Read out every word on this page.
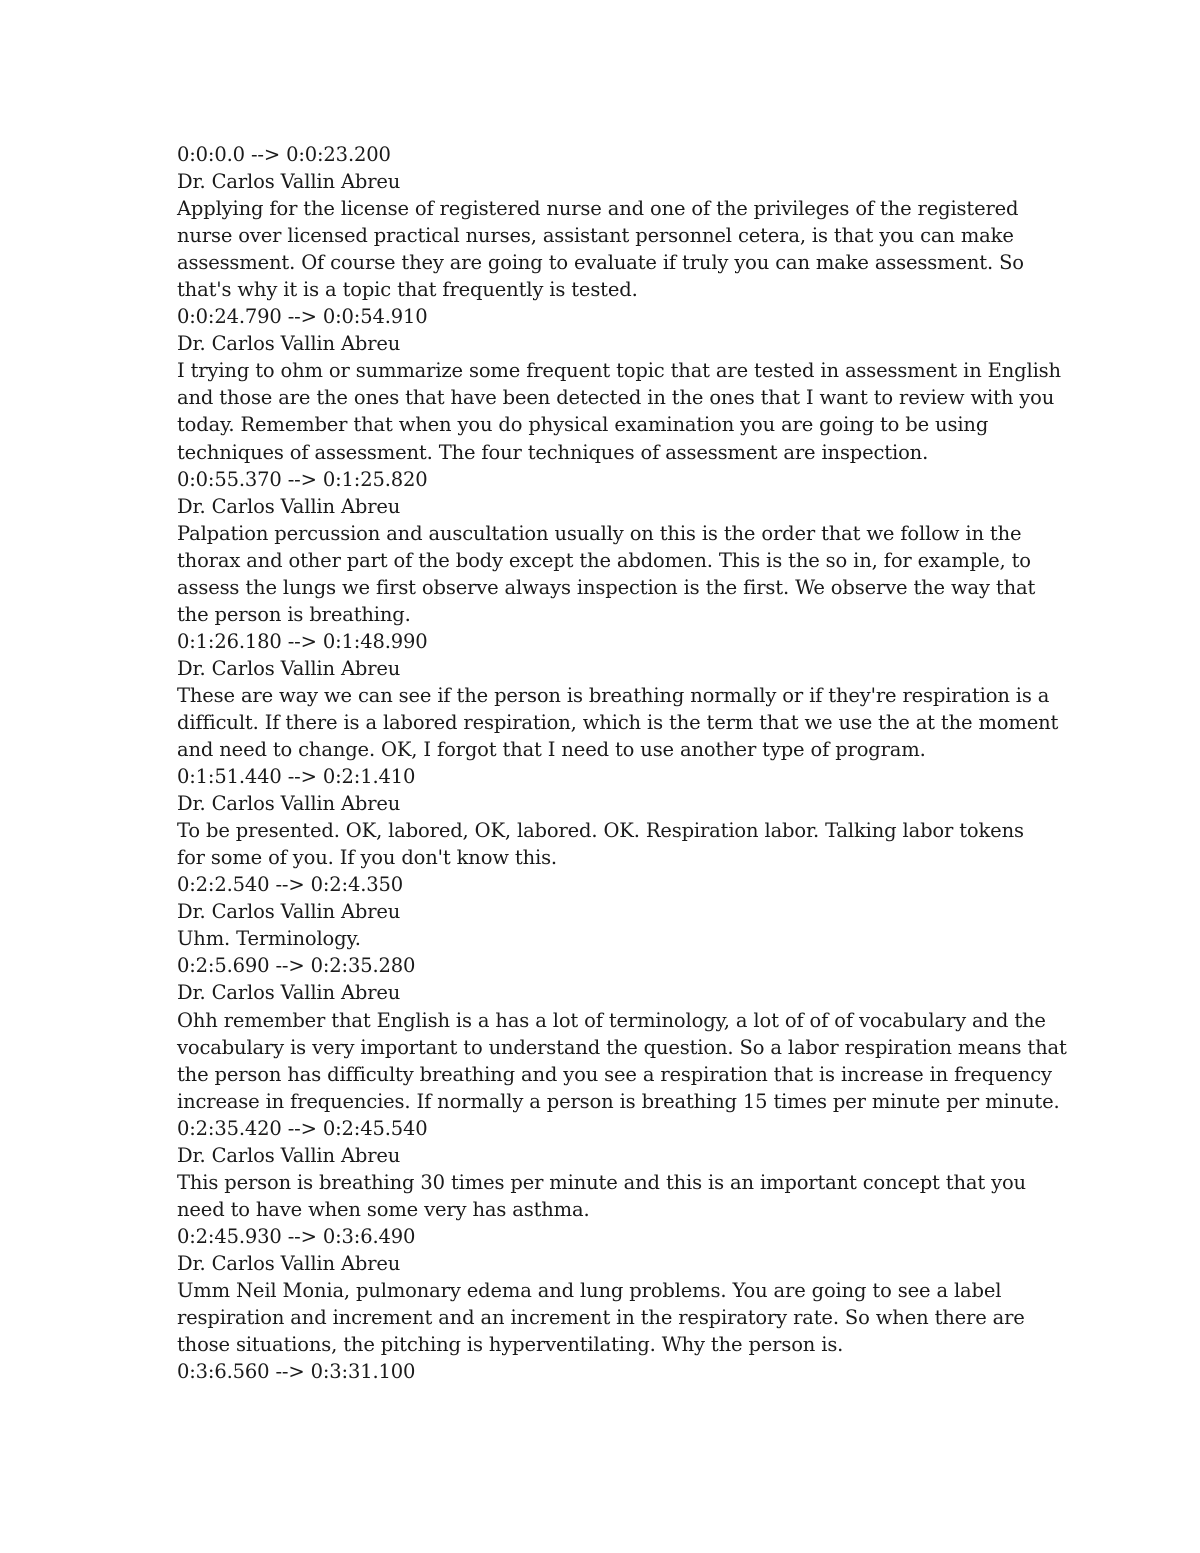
0:0:0.0 --> 0:0:23.200
Dr. Carlos Vallin Abreu
Applying for the license of registered nurse and one of the privileges of the registered
nurse over licensed practical nurses, assistant personnel cetera, is that you can make
assessment. Of course they are going to evaluate if truly you can make assessment. So
that's why it is a topic that frequently is tested.
0:0:24.790 --> 0:0:54.910
Dr. Carlos Vallin Abreu
I trying to ohm or summarize some frequent topic that are tested in assessment in English
and those are the ones that have been detected in the ones that I want to review with you
today. Remember that when you do physical examination you are going to be using
techniques of assessment. The four techniques of assessment are inspection.
0:0:55.370 --> 0:1:25.820
Dr. Carlos Vallin Abreu
Palpation percussion and auscultation usually on this is the order that we follow in the
thorax and other part of the body except the abdomen. This is the so in, for example, to
assess the lungs we first observe always inspection is the first. We observe the way that
the person is breathing.
0:1:26.180 --> 0:1:48.990
Dr. Carlos Vallin Abreu
These are way we can see if the person is breathing normally or if they're respiration is a
difficult. If there is a labored respiration, which is the term that we use the at the moment
and need to change. OK, I forgot that I need to use another type of program.
0:1:51.440 --> 0:2:1.410
Dr. Carlos Vallin Abreu
To be presented. OK, labored, OK, labored. OK. Respiration labor. Talking labor tokens
for some of you. If you don't know this.
0:2:2.540 --> 0:2:4.350
Dr. Carlos Vallin Abreu
Uhm. Terminology.
0:2:5.690 --> 0:2:35.280
Dr. Carlos Vallin Abreu
Ohh remember that English is a has a lot of terminology, a lot of of of vocabulary and the
vocabulary is very important to understand the question. So a labor respiration means that
the person has difficulty breathing and you see a respiration that is increase in frequency
increase in frequencies. If normally a person is breathing 15 times per minute per minute.
0:2:35.420 --> 0:2:45.540
Dr. Carlos Vallin Abreu
This person is breathing 30 times per minute and this is an important concept that you
need to have when some very has asthma.
0:2:45.930 --> 0:3:6.490
Dr. Carlos Vallin Abreu
Umm Neil Monia, pulmonary edema and lung problems. You are going to see a label
respiration and increment and an increment in the respiratory rate. So when there are
those situations, the pitching is hyperventilating. Why the person is.
0:3:6.560 --> 0:3:31.100
